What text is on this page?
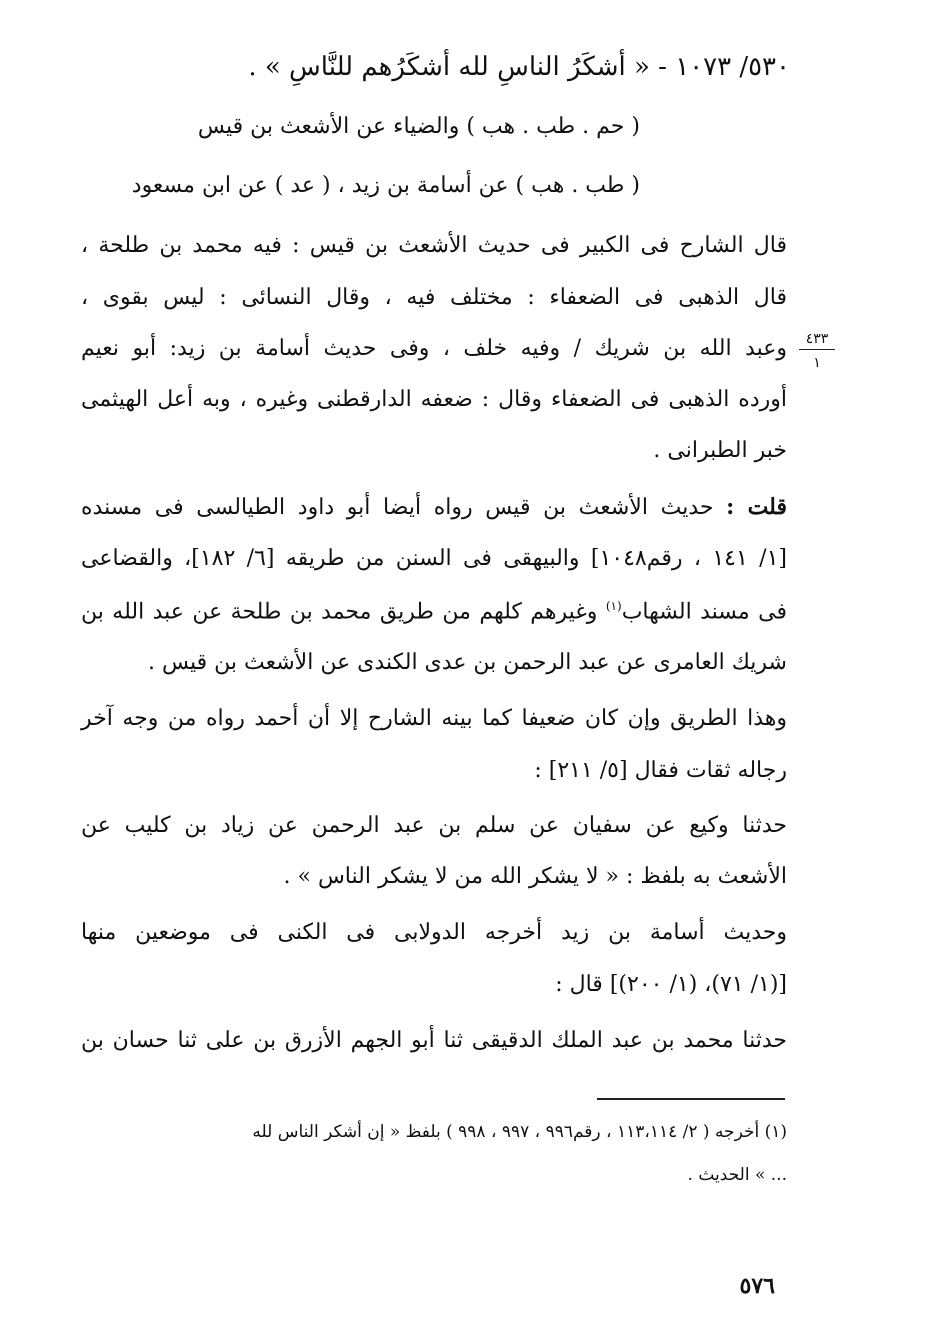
٥٣٠/ ١٠٧٣ - « أشكَرُ الناسِ لله أشكَرُهم للنَّاسِ » .
( حم . طب . هب ) والضياء عن الأشعث بن قيس
( طب . هب ) عن أسامة بن زيد ، ( عد ) عن ابن مسعود
قال الشارح فى الكبير فى حديث الأشعث بن قيس : فيه محمد بن طلحة ،
قال الذهبى فى الضعفاء : مختلف فيه ، وقال النسائى : ليس بقوى ،
وعبد الله بن شريك / وفيه خلف ، وفى حديث أسامة بن زيد: أبو نعيم
أورده الذهبى فى الضعفاء وقال : ضعفه الدارقطنى وغيره ، وبه أعل الهيثمى
خبر الطبرانى .
٤٣٣
١
قلت : حديث الأشعث بن قيس رواه أيضا أبو داود الطيالسى فى مسنده
[١/ ١٤١ ، رقم١٠٤٨] والبيهقى فى السنن من طريقه [٦/ ١٨٢]، والقضاعى
فى مسند الشهاب$^{(١)}$ وغيرهم كلهم من طريق محمد بن طلحة عن عبد الله بن
شريك العامرى عن عبد الرحمن بن عدى الكندى عن الأشعث بن قيس .
وهذا الطريق وإن كان ضعيفا كما بينه الشارح إلا أن أحمد رواه من وجه آخر
رجاله ثقات فقال [٥/ ٢١١] :
حدثنا وكيع عن سفيان عن سلم بن عبد الرحمن عن زياد بن كليب عن
الأشعث به بلفظ : « لا يشكر الله من لا يشكر الناس » .
وحديث أسامة بن زيد أخرجه الدولابى فى الكنى فى موضعين منها
[(١/ ٧١)، (١/ ٢٠٠)] قال :
حدثنا محمد بن عبد الملك الدقيقى ثنا أبو الجهم الأزرق بن على ثنا حسان بن
(١) أخرجه ( ٢/ ١١٣،١١٤ ، رقم٩٩٦ ، ٩٩٧ ، ٩٩٨ ) بلفظ « إن أشكر الناس لله
... » الحديث .
٥٧٦
